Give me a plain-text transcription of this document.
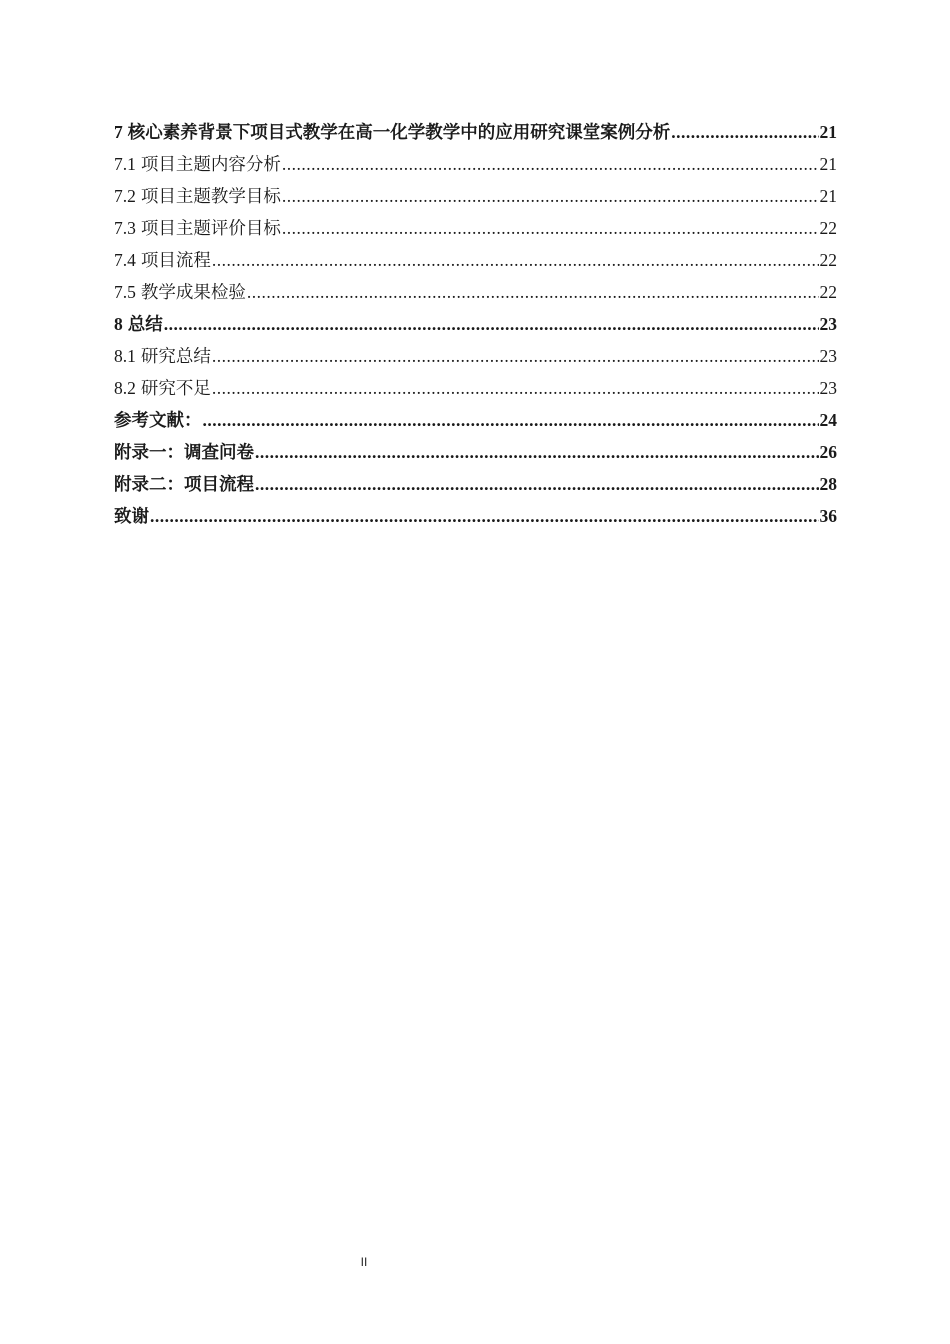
7 核心素养背景下项目式教学在高一化学教学中的应用研究课堂案例分析 .....	21
7.1 项目主题内容分析 .....	21
7.2 项目主题教学目标 .....	21
7.3 项目主题评价目标 .....	22
7.4 项目流程 .....	22
7.5 教学成果检验 .....	22
8 总结 .....	23
8.1 研究总结 .....	23
8.2 研究不足 .....	23
参考文献： .....	24
附录一：调查问卷 .....	26
附录二：项目流程 .....	28
致谢 .....	36
II
